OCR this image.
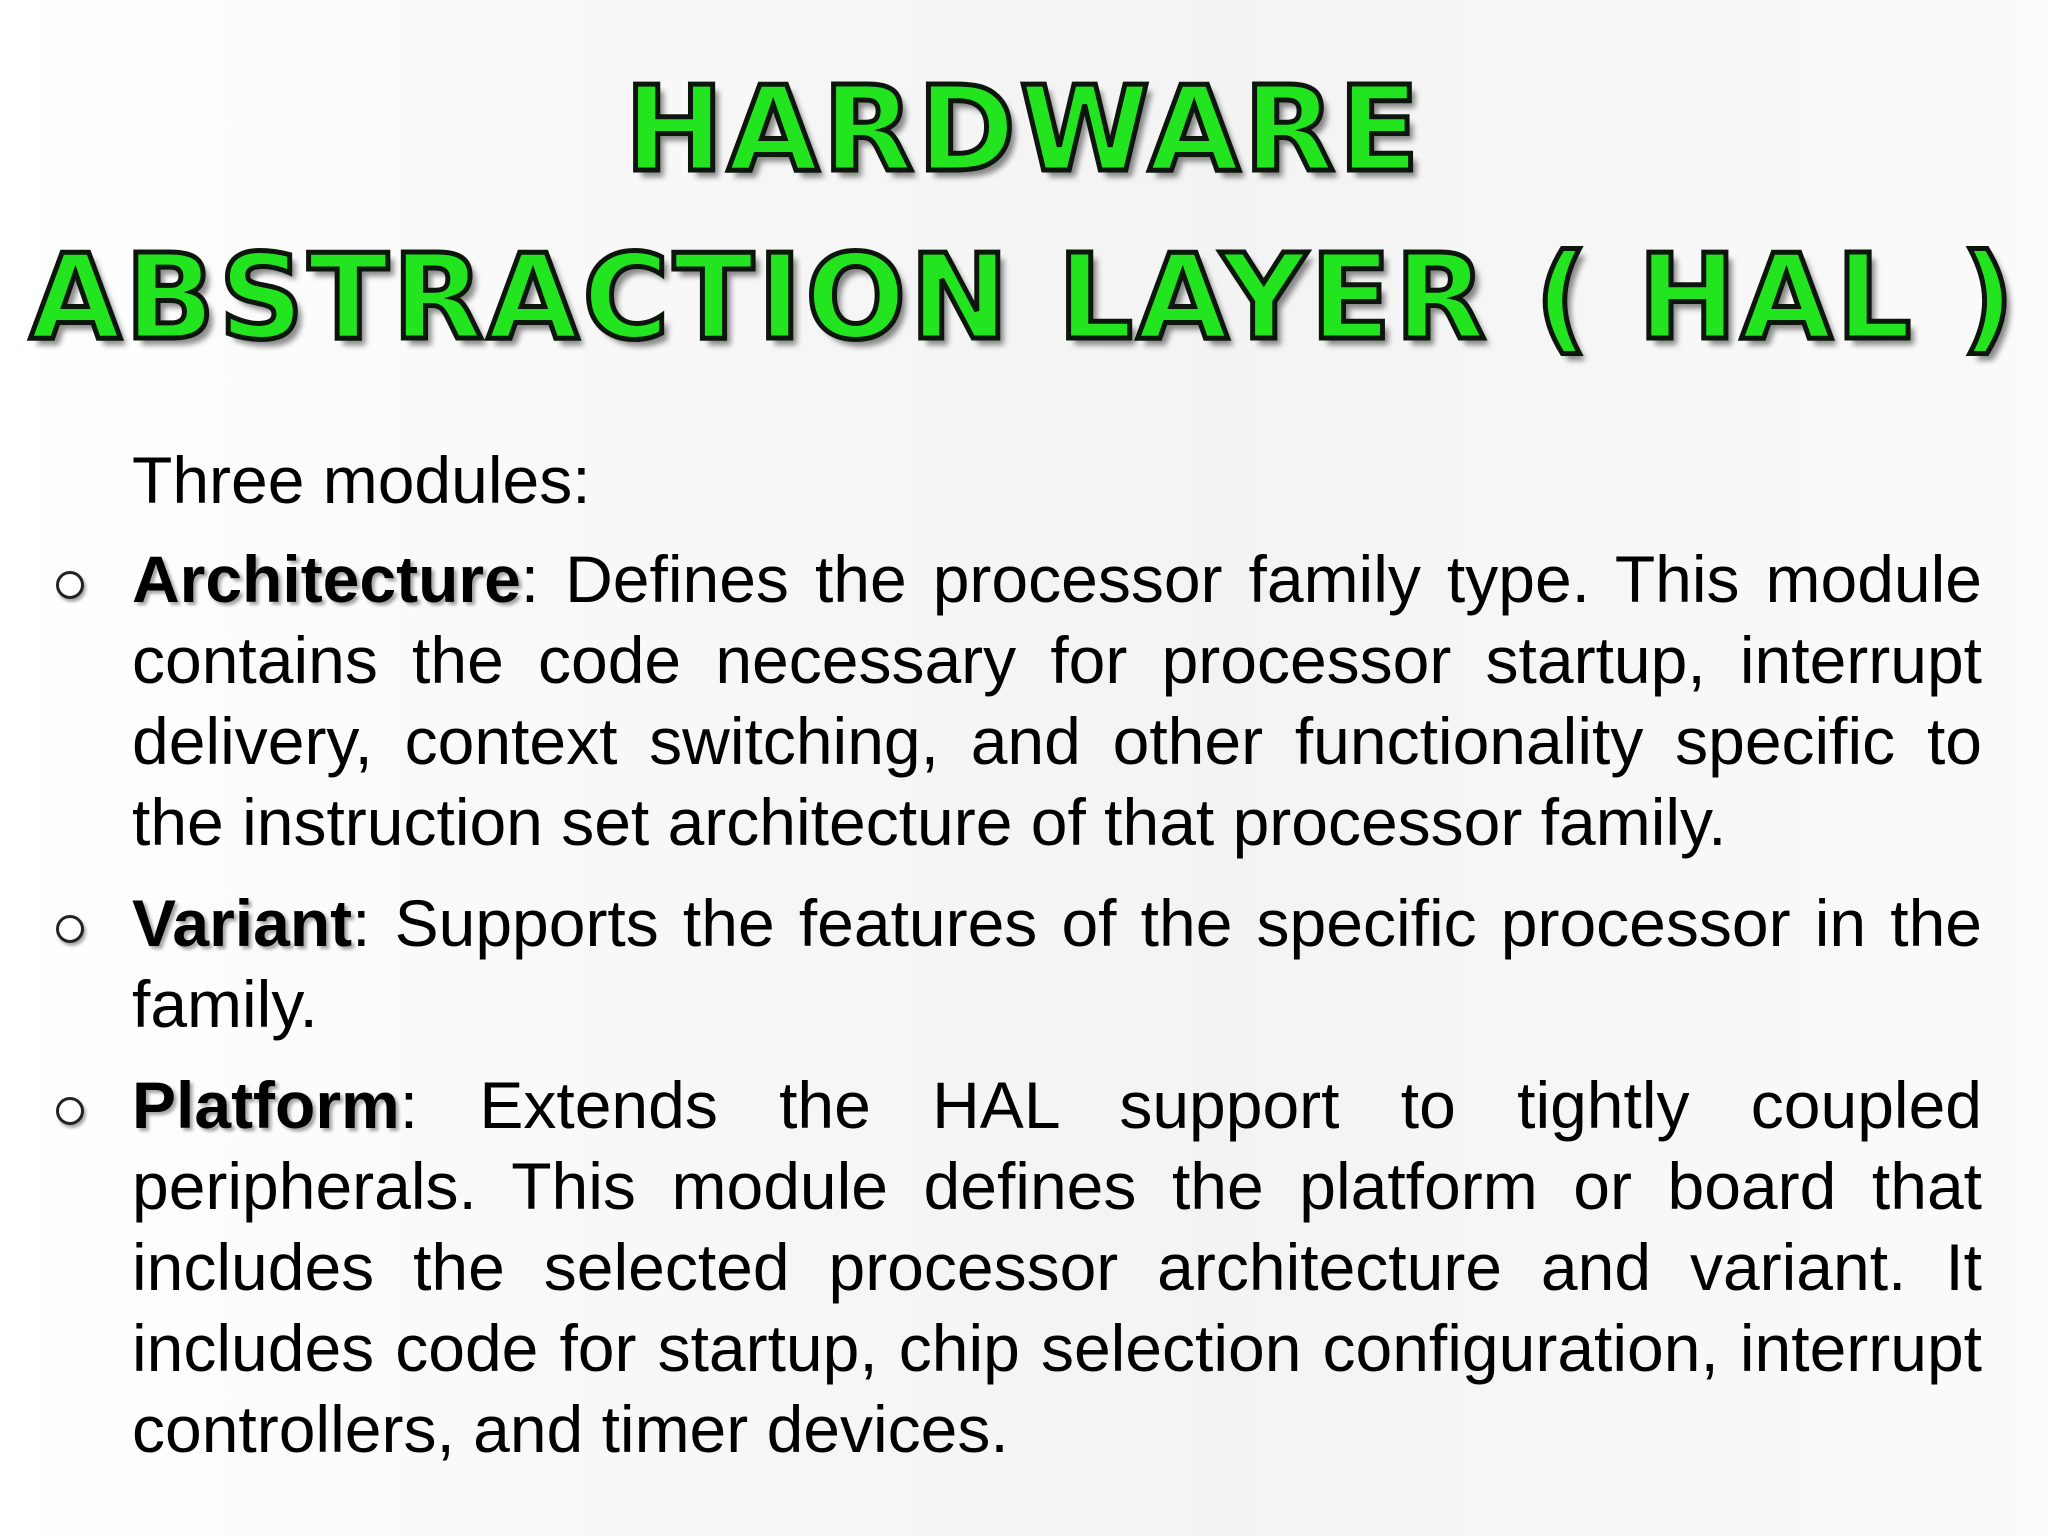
HARDWARE
ABSTRACTION LAYER ( HAL )

Three modules:

Architecture: Defines the processor family type. This module contains the code necessary for processor startup, interrupt delivery, context switching, and other functionality specific to the instruction set architecture of that processor family.
Variant: Supports the features of the specific processor in the family.
Platform: Extends the HAL support to tightly coupled peripherals. This module defines the platform or board that includes the selected processor architecture and variant. It includes code for startup, chip selection configuration, interrupt controllers, and timer devices.
